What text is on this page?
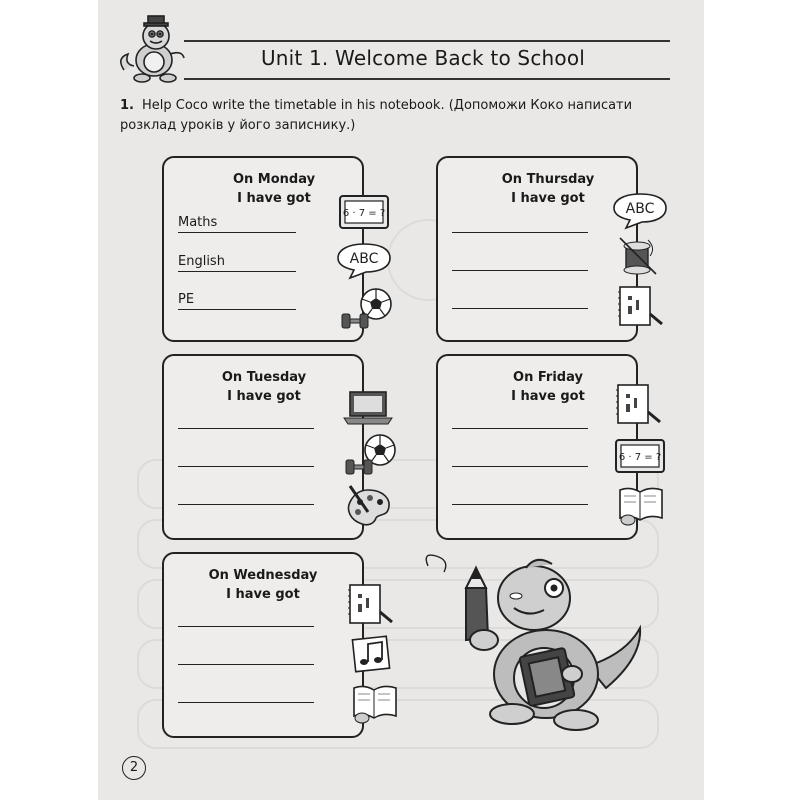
Unit 1. Welcome Back to School
1. Help Coco write the timetable in his notebook. (Допоможи Коко написати розклад уроків у його записнику.)
On Monday
I have got
Maths
English
PE
On Thursday
I have got
On Tuesday
I have got
On Friday
I have got
On Wednesday
I have got
6 · 7 = ?
ABC
ABC
6 · 7 = ?
2
